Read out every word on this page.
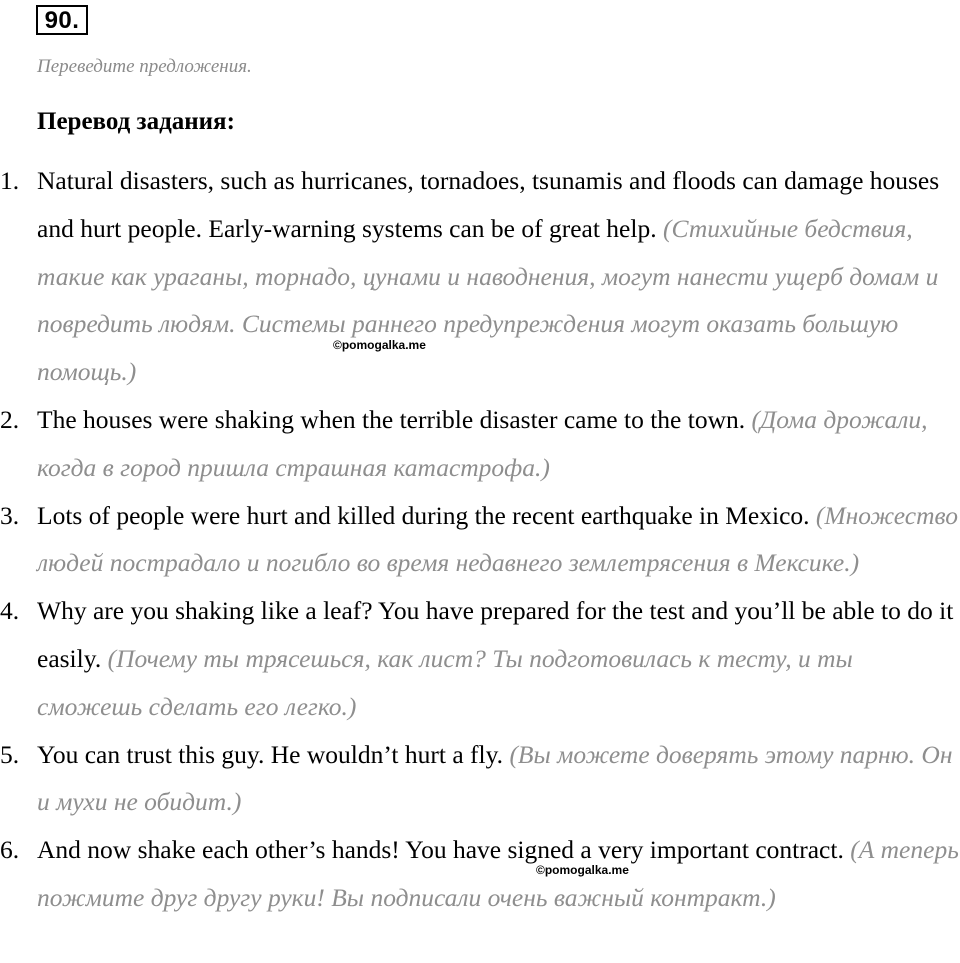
90.
Переведите предложения.
Перевод задания:
1. Natural disasters, such as hurricanes, tornadoes, tsunamis and floods can damage houses and hurt people. Early-warning systems can be of great help. (Стихийные бедствия, такие как ураганы, торнадо, цунами и наводнения, могут нанести ущерб домам и повредить людям. Системы раннего предупреждения могут оказать большую помощь.)
2. The houses were shaking when the terrible disaster came to the town. (Дома дрожали, когда в город пришла страшная катастрофа.)
3. Lots of people were hurt and killed during the recent earthquake in Mexico. (Множество людей пострадало и погибло во время недавнего землетрясения в Мексике.)
4. Why are you shaking like a leaf? You have prepared for the test and you’ll be able to do it easily. (Почему ты трясешься, как лист? Ты подготовилась к тесту, и ты сможешь сделать его легко.)
5. You can trust this guy. He wouldn’t hurt a fly. (Вы можете доверять этому парню. Он и мухи не обидит.)
6. And now shake each other’s hands! You have signed a very important contract. (А теперь пожмите друг другу руки! Вы подписали очень важный контракт.)
©pomogalka.me
©pomogalka.me
